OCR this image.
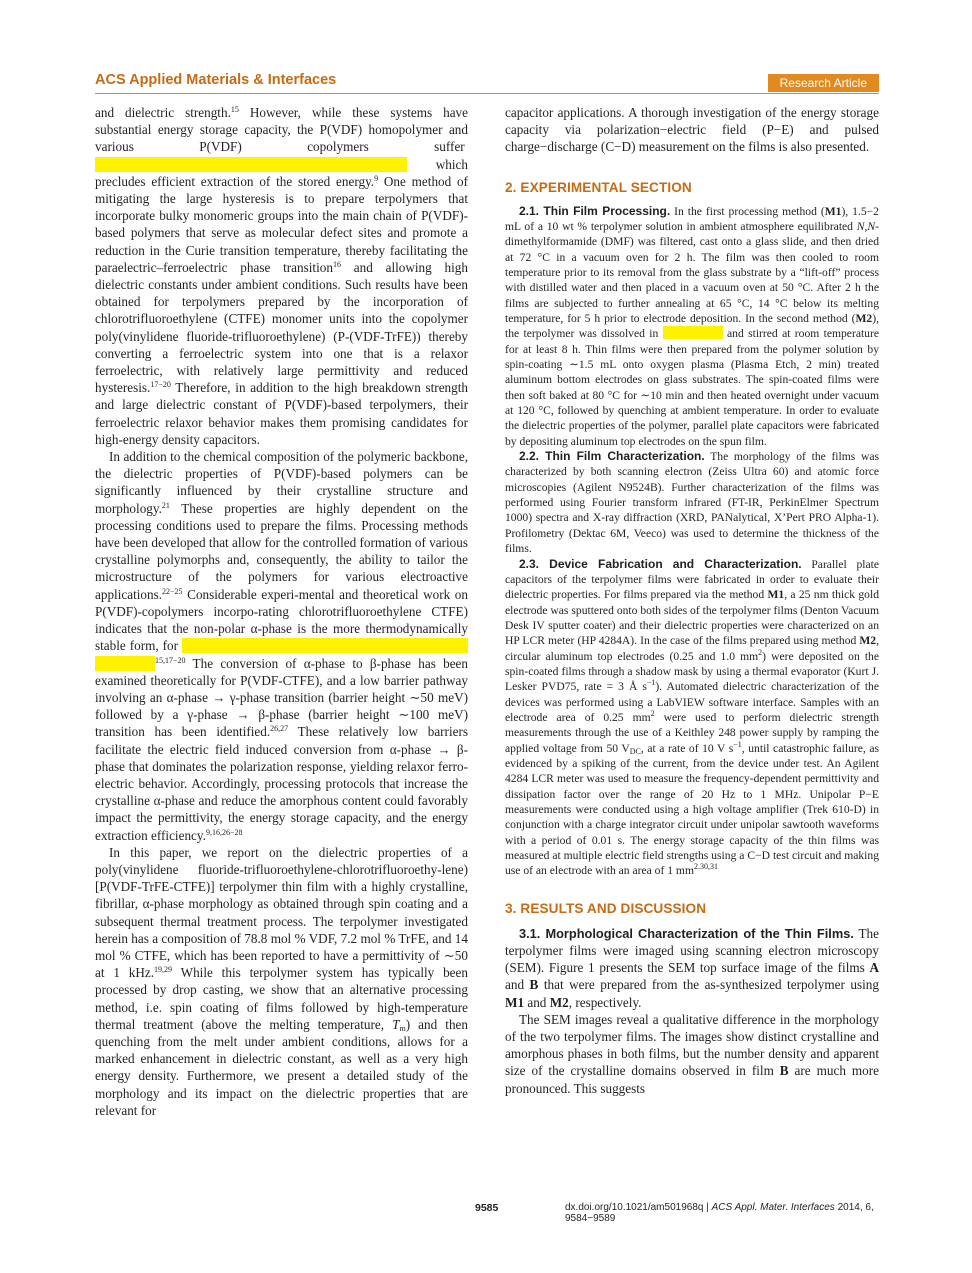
ACS Applied Materials & Interfaces	Research Article

and dielectric strength.$^{15}$ However, while these systems have substantial energy storage capacity, the P(VDF) homopolymer and various P(VDF) copolymers suffer which precludes efficient extraction of the stored energy.$^9$ One method of mitigating the large hysteresis is to prepare terpolymers that incorporate bulky monomeric groups into the main chain of P(VDF)-based polymers that serve as molecular defect sites and promote a reduction in the Curie transition temperature, thereby facilitating the paraelectric–ferroelectric phase transition$^{16}$ and allowing high dielectric constants under ambient conditions. Such results have been obtained for terpolymers prepared by the incorporation of chlorotrifluoroethylene (CTFE) monomer units into the copolymer poly(vinylidene fluoride-trifluoroethylene) (P-(VDF-TrFE)) thereby converting a ferroelectric system into one that is a relaxor ferroelectric, with relatively large permittivity and reduced hysteresis.$^{17-20}$ Therefore, in addition to the high breakdown strength and large dielectric constant of P(VDF)-based terpolymers, their ferroelectric relaxor behavior makes them promising candidates for high-energy density capacitors.

In addition to the chemical composition of the polymeric backbone, the dielectric properties of P(VDF)-based polymers can be significantly influenced by their crystalline structure and morphology.$^{21}$ These properties are highly dependent on the processing conditions used to prepare the films. Processing methods have been developed that allow for the controlled formation of various crystalline polymorphs and, consequently, the ability to tailor the microstructure of the polymers for various electroactive applications.$^{22-25}$ Considerable experi-mental and theoretical work on P(VDF)-copolymers incorpo-rating chlorotrifluoroethylene CTFE) indicates that the non-polar α-phase is the more thermodynamically stable form, for $^{15,17-20}$ The conversion of α-phase to β-phase has been examined theoretically for P(VDF-CTFE), and a low barrier pathway involving an α-phase → γ-phase transition (barrier height ∼50 meV) followed by a γ-phase → β-phase (barrier height ∼100 meV) transition has been identified.$^{26,27}$ These relatively low barriers facilitate the electric field induced conversion from α-phase → β-phase that dominates the polarization response, yielding relaxor ferro-electric behavior. Accordingly, processing protocols that increase the crystalline α-phase and reduce the amorphous content could favorably impact the permittivity, the energy storage capacity, and the energy extraction efficiency.$^{9,16,26-28}$

In this paper, we report on the dielectric properties of a poly(vinylidene fluoride-trifluoroethylene-chlorotrifluoroethy-lene) [P(VDF-TrFE-CTFE)] terpolymer thin film with a highly crystalline, fibrillar, α-phase morphology as obtained through spin coating and a subsequent thermal treatment process. The terpolymer investigated herein has a composition of 78.8 mol % VDF, 7.2 mol % TrFE, and 14 mol % CTFE, which has been reported to have a permittivity of ∼50 at 1 kHz.$^{19,29}$ While this terpolymer system has typically been processed by drop casting, we show that an alternative processing method, i.e. spin coating of films followed by high-temperature thermal treatment (above the melting temperature, $T_m$) and then quenching from the melt under ambient conditions, allows for a marked enhancement in dielectric constant, as well as a very high energy density. Furthermore, we present a detailed study of the morphology and its impact on the dielectric properties that are relevant for

capacitor applications. A thorough investigation of the energy storage capacity via polarization−electric field (P−E) and pulsed charge−discharge (C−D) measurement on the films is also presented.

2. EXPERIMENTAL SECTION

2.1. Thin Film Processing. In the first processing method (M1), 1.5−2 mL of a 10 wt % terpolymer solution in ambient atmosphere equilibrated N,N-dimethylformamide (DMF) was filtered, cast onto a glass slide, and then dried at 72 °C in a vacuum oven for 2 h. The film was then cooled to room temperature prior to its removal from the glass substrate by a “lift-off” process with distilled water and then placed in a vacuum oven at 50 °C. After 2 h the films are subjected to further annealing at 65 °C, 14 °C below its melting temperature, for 5 h prior to electrode deposition. In the second method (M2), the terpolymer was dissolved in	and stirred at room temperature for at least 8 h. Thin films were then prepared from the polymer solution by spin-coating ∼1.5 mL onto oxygen plasma (Plasma Etch, 2 min) treated aluminum bottom electrodes on glass substrates. The spin-coated films were then soft baked at 80 °C for ∼10 min and then heated overnight under vacuum at 120 °C, followed by quenching at ambient temperature. In order to evaluate the dielectric properties of the polymer, parallel plate capacitors were fabricated by depositing aluminum top electrodes on the spun film.

2.2. Thin Film Characterization. The morphology of the films was characterized by both scanning electron (Zeiss Ultra 60) and atomic force microscopies (Agilent N9524B). Further characterization of the films was performed using Fourier transform infrared (FT-IR, PerkinElmer Spectrum 1000) spectra and X-ray diffraction (XRD, PANalytical, X’Pert PRO Alpha-1). Profilometry (Dektac 6M, Veeco) was used to determine the thickness of the films.

2.3. Device Fabrication and Characterization. Parallel plate capacitors of the terpolymer films were fabricated in order to evaluate their dielectric properties. For films prepared via the method M1, a 25 nm thick gold electrode was sputtered onto both sides of the terpolymer films (Denton Vacuum Desk IV sputter coater) and their dielectric properties were characterized on an HP LCR meter (HP 4284A). In the case of the films prepared using method M2, circular aluminum top electrodes (0.25 and 1.0 $mm^2$) were deposited on the spin-coated films through a shadow mask by using a thermal evaporator (Kurt J. Lesker PVD75, rate = 3 Å $s^{-1}$). Automated dielectric characterization of the devices was performed using a LabVIEW software interface. Samples with an electrode area of 0.25 $mm^2$ were used to perform dielectric strength measurements through the use of a Keithley 248 power supply by ramping the applied voltage from 50 $V_{DC}$, at a rate of 10 V $s^{-1}$, until catastrophic failure, as evidenced by a spiking of the current, from the device under test. An Agilent 4284 LCR meter was used to measure the frequency-dependent permittivity and dissipation factor over the range of 20 Hz to 1 MHz. Unipolar P−E measurements were conducted using a high voltage amplifier (Trek 610-D) in conjunction with a charge integrator circuit under unipolar sawtooth waveforms with a period of 0.01 s. The energy storage capacity of the thin films was measured at multiple electric field strengths using a C−D test circuit and making use of an electrode with an area of 1 $mm^{2.30,31}$

3. RESULTS AND DISCUSSION

3.1. Morphological Characterization of the Thin Films. The terpolymer films were imaged using scanning electron microscopy (SEM). Figure 1 presents the SEM top surface image of the films A and B that were prepared from the as-synthesized terpolymer using M1 and M2, respectively.

The SEM images reveal a qualitative difference in the morphology of the two terpolymer films. The images show distinct crystalline and amorphous phases in both films, but the number density and apparent size of the crystalline domains observed in film B are much more pronounced. This suggests

9585	dx.doi.org/10.1021/am501968q | ACS Appl. Mater. Interfaces 2014, 6, 9584−9589
